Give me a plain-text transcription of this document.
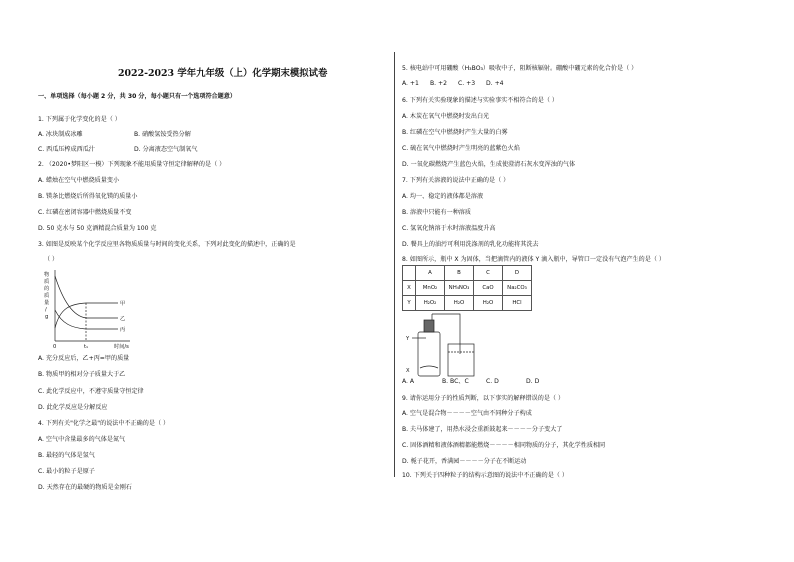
2022-2023 学年九年级（上）化学期末模拟试卷
一、单项选择（每小题 2 分，共 30 分，每小题只有一个选项符合题意）
1. 下列属于化学变化的是（ ）
A. 冰块制成冰雕	B. 硝酸氢铵受热分解
C. 西瓜压榨成西瓜汁	D. 分离液态空气制氧气
2. （2020•梦阳区一模）下列现象不能用质量守恒定律解释的是（ ）
A. 蜡烛在空气中燃烧质量变小
B. 镁条比燃烧后所得氧化镁的质量小
C. 红磷在密闭容器中燃烧质量不变
D. 50 克水与 50 克酒精混合质量为 100 克
3. 如图是反映某个化学反应里各物质质量与时间的变化关系，下列对此变化的描述中，正确的是
（ ）
A. 充分反应后，乙+丙=甲的质量
B. 物质甲的相对分子质量大于乙
C. 此化学反应中，不遵守质量守恒定律
D. 此化学反应是分解反应
4. 下列有关"化学之最"的说法中不正确的是（ ）
A. 空气中含量最多的气体是氮气
B. 最轻的气体是氢气
C. 最小的粒子是原子
D. 天然存在的最硬的物质是金刚石
物
质
的
质
量
/
g
0	t₁	时间/s
甲
乙
丙
5. 核电站中可用硼酸（H₃BO₃）吸收中子，阻断核辐射。硼酸中硼元素的化合价是（ ）
A. +1 B. +2 C. +3 D. +4
6. 下列有关实验现象的描述与实验事实不相符合的是（ ）
A. 木炭在氧气中燃烧时发出白光
B. 红磷在空气中燃烧时产生大量的白雾
C. 硫在氧气中燃烧时产生明亮的蓝紫色火焰
D. 一氧化碳燃烧产生蓝色火焰，生成使澄清石灰水变浑浊的气体
7. 下列有关溶液的说法中正确的是（ ）
A. 均一、稳定的液体都是溶液
B. 溶液中只能有一种溶质
C. 氢氧化钠溶于水时溶液温度升高
D. 餐具上的油污可利用洗涤剂的乳化功能将其洗去
8. 如图所示，瓶中 X 为固体，当把滴管内的液体 Y 滴入瓶中，导管口一定没有气泡产生的是（ ）
A. A	B. BC、C	C. D	D. D
9. 请你运用分子的性质判断，以下事实的解释错误的是（ ）
A. 空气是混合物－－－－空气由不同种分子构成
B. 夫马体建了，用热水浸会重新鼓起来－－－－分子变大了
C. 固体酒精和液体酒精都能燃烧－－－－相同物质的分子，其化学性质相同
D. 栀子花开，香满园－－－－分子在不断运动
10. 下列关于四种粒子的结构示意图的说法中不正确的是（ ）
	A	B	C	D
X	MnO₂	NH₄NO₃	CaO	Na₂CO₃
Y	H₂O₂	H₂O	H₂O	HCl
Y
X
